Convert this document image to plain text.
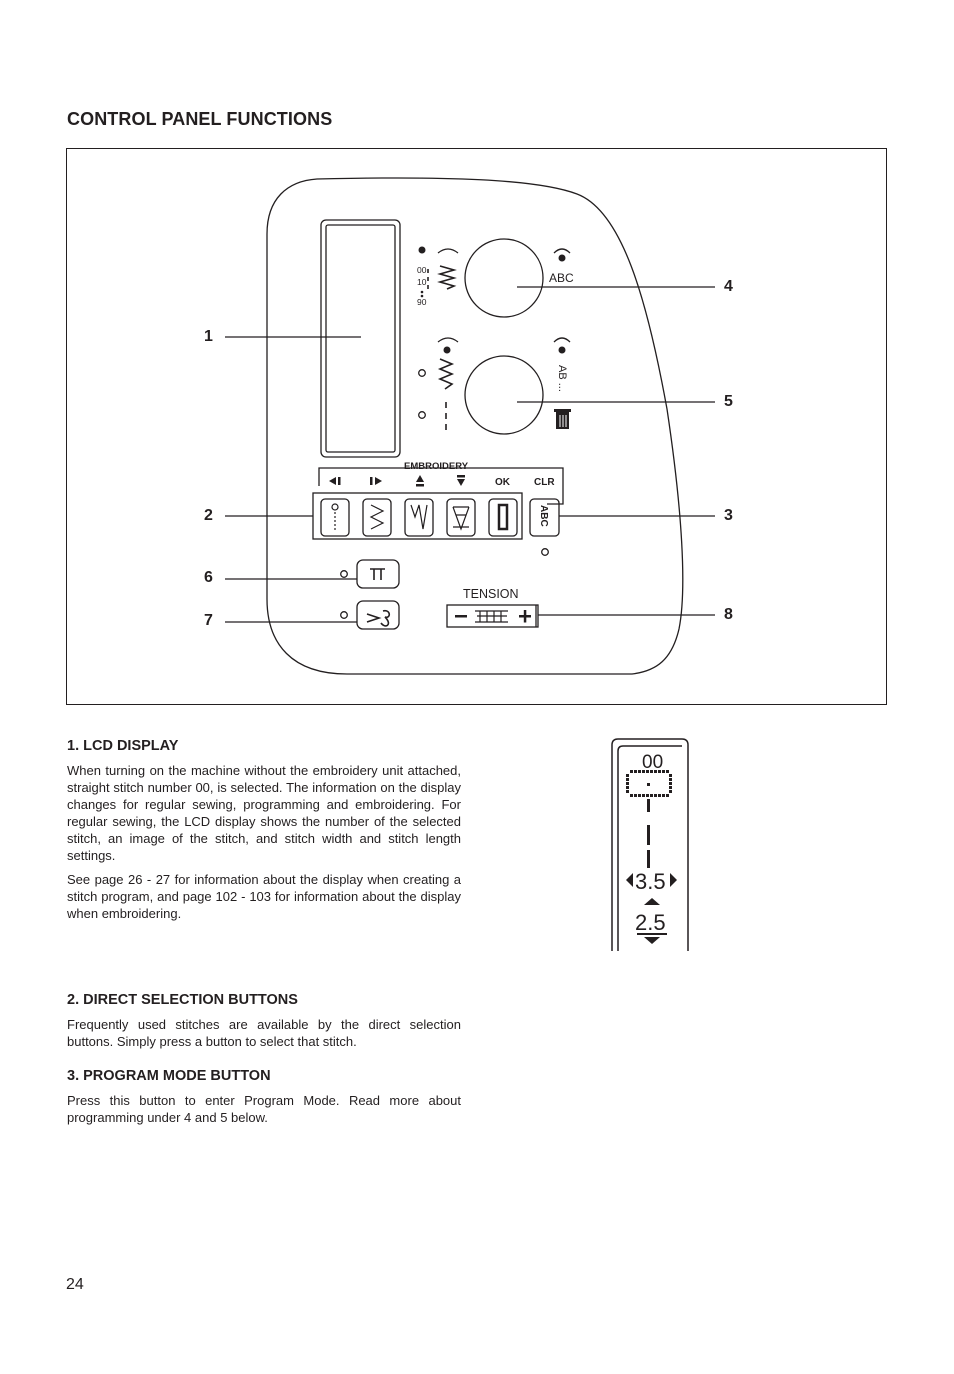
CONTROL PANEL FUNCTIONS
EMBROIDERY
OK CLR
ABC
AB ...
ABC
TENSION
00
10
90
1
2	3
4
5
6
7	8
1. LCD DISPLAY

When turning on the machine without the embroidery unit attached, straight stitch number 00, is selected. The information on the display changes for regular sewing, programming and embroidering. For regular sewing, the LCD display shows the number of the selected stitch, an image of the stitch, and stitch width and stitch length settings.

See page 26 - 27 for information about the display when creating a stitch program, and page 102 - 103 for information about the display when embroidering.

00
3.5
2.5
2. DIRECT SELECTION BUTTONS

Frequently used stitches are available by the direct selection buttons. Simply press a button to select that stitch.

3. PROGRAM MODE BUTTON

Press this button to enter Program Mode. Read more about programming under 4 and 5 below.

24
